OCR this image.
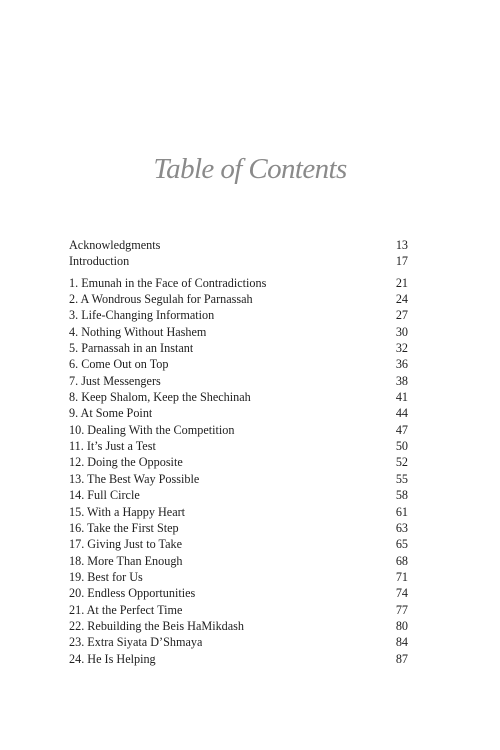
Table of Contents
Acknowledgments	13
Introduction	17
1. Emunah in the Face of Contradictions	21
2. A Wondrous Segulah for Parnassah	24
3. Life-Changing Information	27
4. Nothing Without Hashem	30
5. Parnassah in an Instant	32
6. Come Out on Top	36
7. Just Messengers	38
8. Keep Shalom, Keep the Shechinah	41
9. At Some Point	44
10. Dealing With the Competition	47
11. It’s Just a Test	50
12. Doing the Opposite	52
13. The Best Way Possible	55
14. Full Circle	58
15. With a Happy Heart	61
16. Take the First Step	63
17. Giving Just to Take	65
18. More Than Enough	68
19. Best for Us	71
20. Endless Opportunities	74
21. At the Perfect Time	77
22. Rebuilding the Beis HaMikdash	80
23. Extra Siyata D’Shmaya	84
24. He Is Helping	87
